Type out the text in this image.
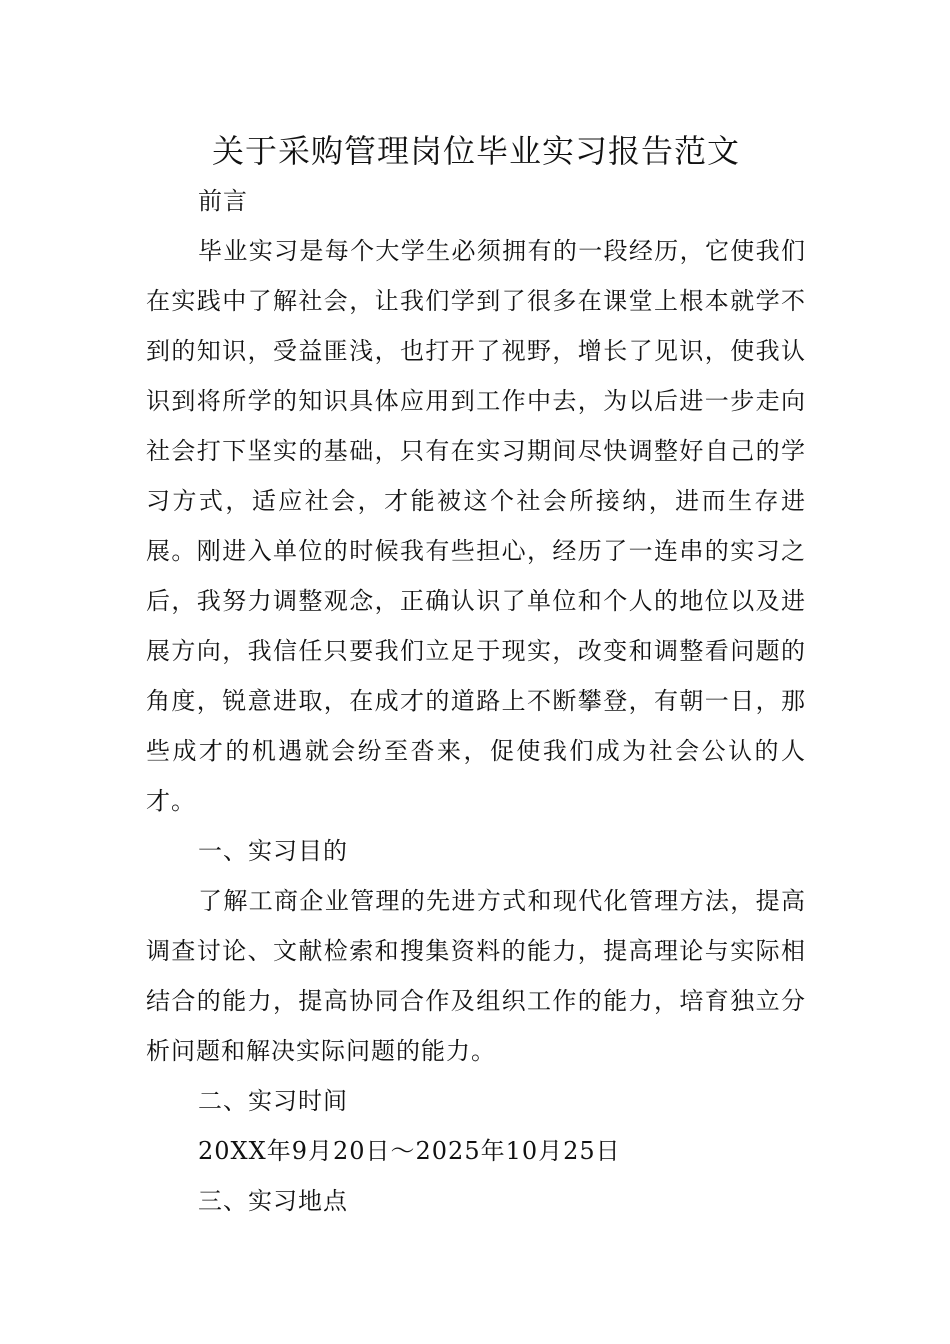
关于采购管理岗位毕业实习报告范文

前言

毕业实习是每个大学生必须拥有的一段经历，它使我们在实践中了解社会，让我们学到了很多在课堂上根本就学不到的知识，受益匪浅，也打开了视野，增长了见识，使我认识到将所学的知识具体应用到工作中去，为以后进一步走向社会打下坚实的基础，只有在实习期间尽快调整好自己的学习方式，适应社会，才能被这个社会所接纳，进而生存进展。刚进入单位的时候我有些担心，经历了一连串的实习之后，我努力调整观念，正确认识了单位和个人的地位以及进展方向，我信任只要我们立足于现实，改变和调整看问题的角度，锐意进取，在成才的道路上不断攀登，有朝一日，那些成才的机遇就会纷至沓来，促使我们成为社会公认的人才。

一、实习目的

了解工商企业管理的先进方式和现代化管理方法，提高调查讨论、文献检索和搜集资料的能力，提高理论与实际相结合的能力，提高协同合作及组织工作的能力，培育独立分析问题和解决实际问题的能力。

二、实习时间

20XX年9月20日～2025年10月25日

三、实习地点
